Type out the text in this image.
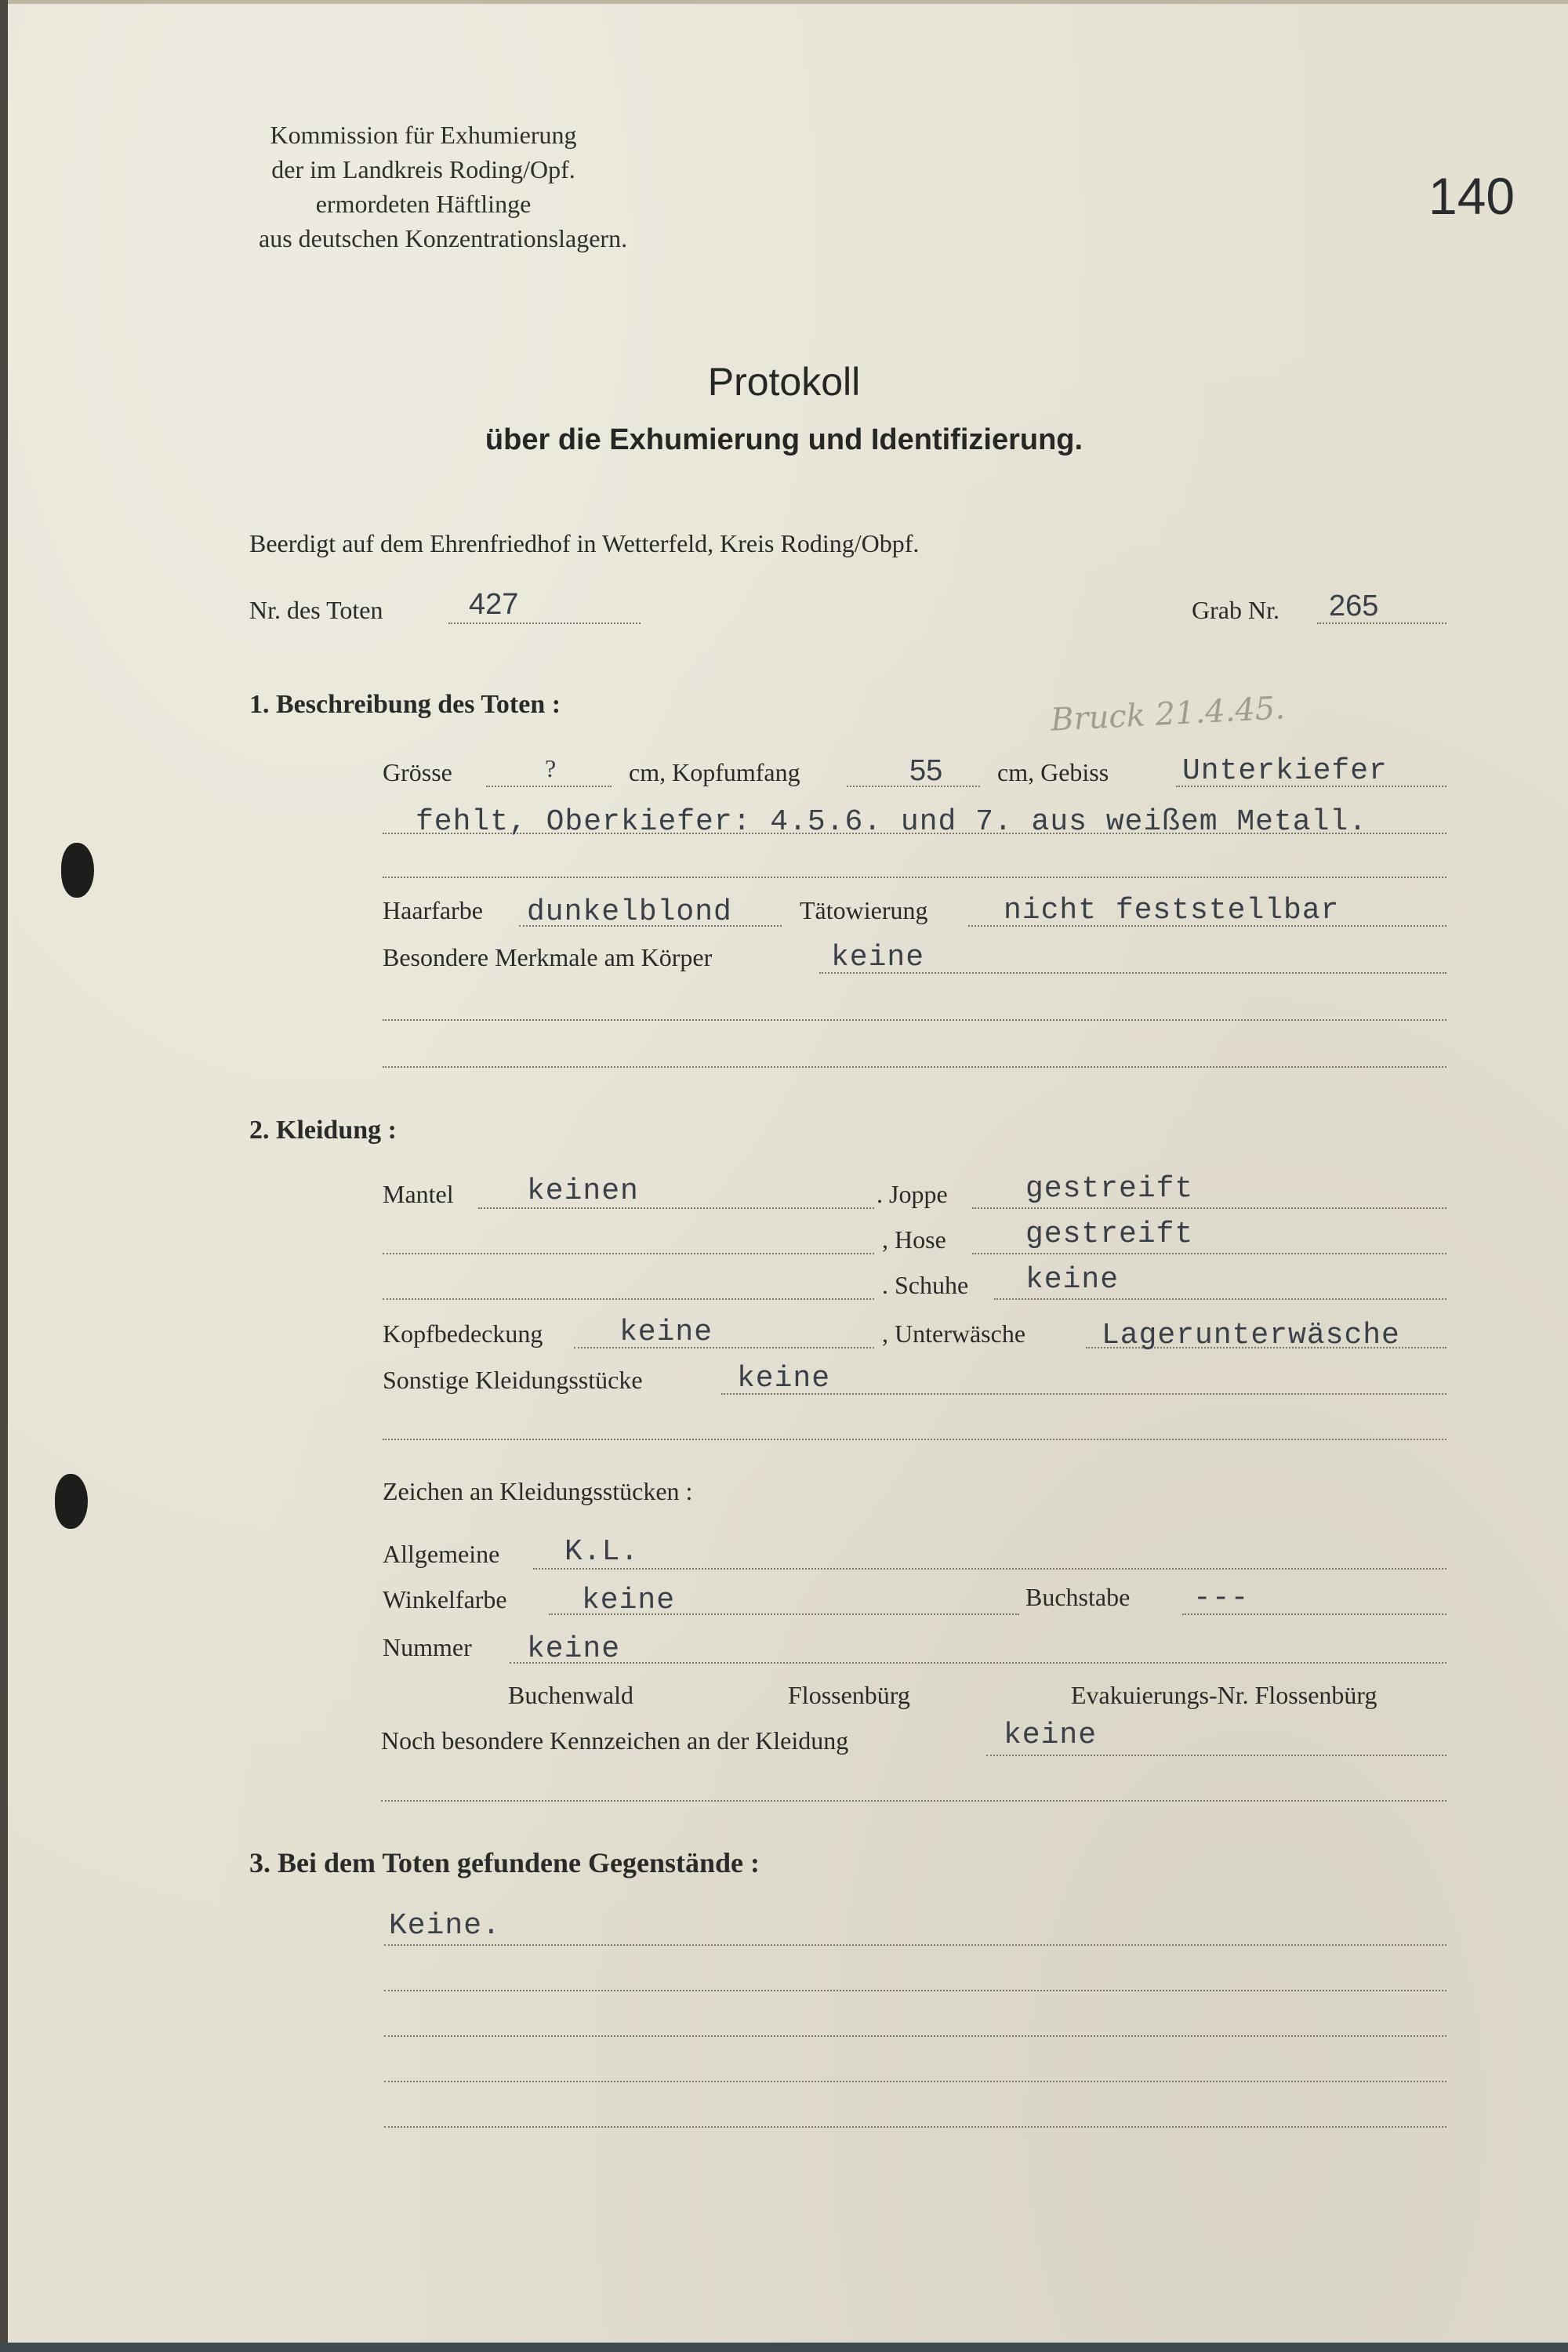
Kommission für Exhumierung
der im Landkreis Roding/Opf.
ermordeten Häftlinge
aus deutschen Konzentrationslagern.
140
Protokoll
über die Exhumierung und Identifizierung.
Beerdigt auf dem Ehrenfriedhof in Wetterfeld, Kreis Roding/Obpf.
Nr. des Toten	427	Grab Nr. 265
Bruck 21.4.45.
1. Beschreibung des Toten :
Grösse	?	cm, Kopfumfang	55 cm, Gebiss Unterkiefer
fehlt, Oberkiefer: 4.5.6. und 7. aus weißem Metall.
Haarfarbe dunkelblond	Tätowierung	nicht feststellbar
Besondere Merkmale am Körper	keine
2. Kleidung :
Mantel keinen	. Joppe	gestreift
, Hose	gestreift
. Schuhe keine
Kopfbedeckung	keine	, Unterwäsche	Lagerunterwäsche
Sonstige Kleidungsstücke	keine
Zeichen an Kleidungsstücken :
Allgemeine K.L.
Winkelfarbe	keine	Buchstabe ---
Nummer keine
Buchenwald	Flossenbürg	Evakuierungs-Nr. Flossenbürg
Noch besondere Kennzeichen an der Kleidung	keine
3. Bei dem Toten gefundene Gegenstände :
Keine.
